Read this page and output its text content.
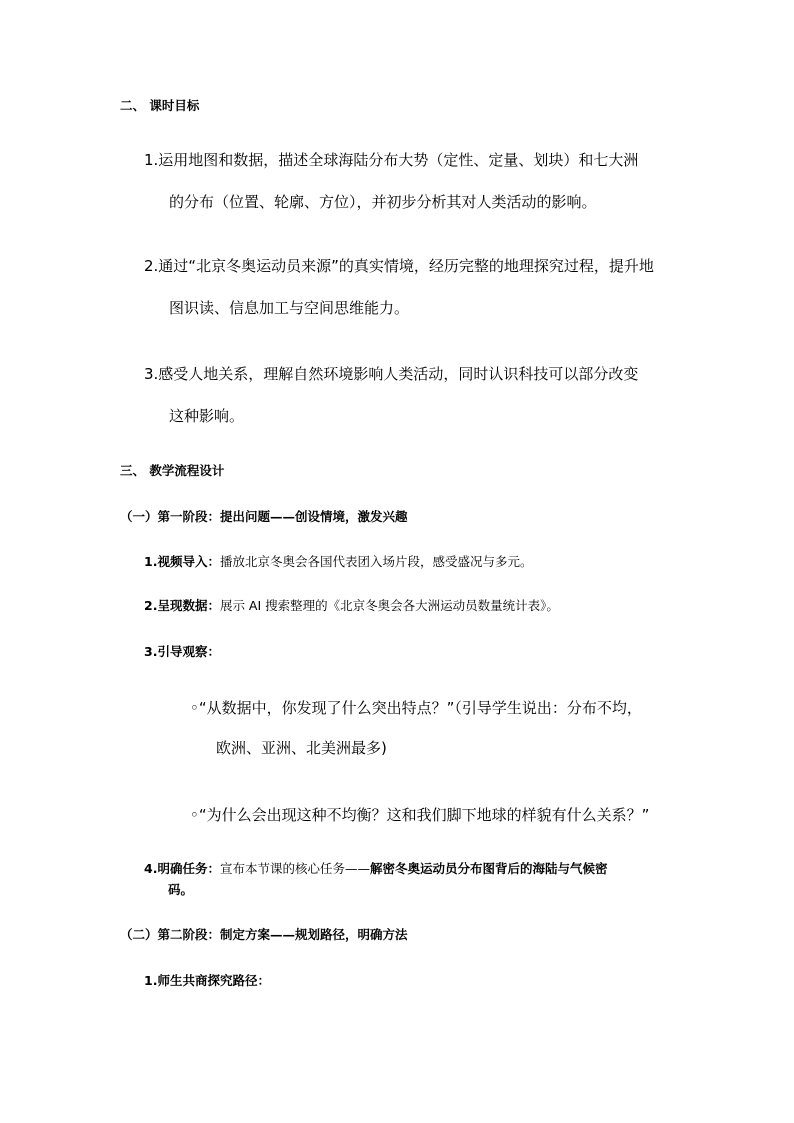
二、 课时目标
1.运用地图和数据，描述全球海陆分布大势（定性、定量、划块）和七大洲
的分布（位置、轮廓、方位），并初步分析其对人类活动的影响。
2.通过“北京冬奥运动员来源”的真实情境，经历完整的地理探究过程，提升地
图识读、信息加工与空间思维能力。
3.感受人地关系，理解自然环境影响人类活动，同时认识科技可以部分改变
这种影响。
三、 教学流程设计
（一）第一阶段：提出问题——创设情境，激发兴趣
1.视频导入：播放北京冬奥会各国代表团入场片段，感受盛况与多元。
2.呈现数据：展示 AI 搜索整理的《北京冬奥会各大洲运动员数量统计表》。
3.引导观察：
◦“从数据中，你发现了什么突出特点？”（引导学生说出：分布不均，
欧洲、亚洲、北美洲最多)
◦“为什么会出现这种不均衡？这和我们脚下地球的样貌有什么关系？”
4.明确任务：宣布本节课的核心任务——解密冬奥运动员分布图背后的海陆与气候密
码。
（二）第二阶段：制定方案——规划路径，明确方法
1.师生共商探究路径：
